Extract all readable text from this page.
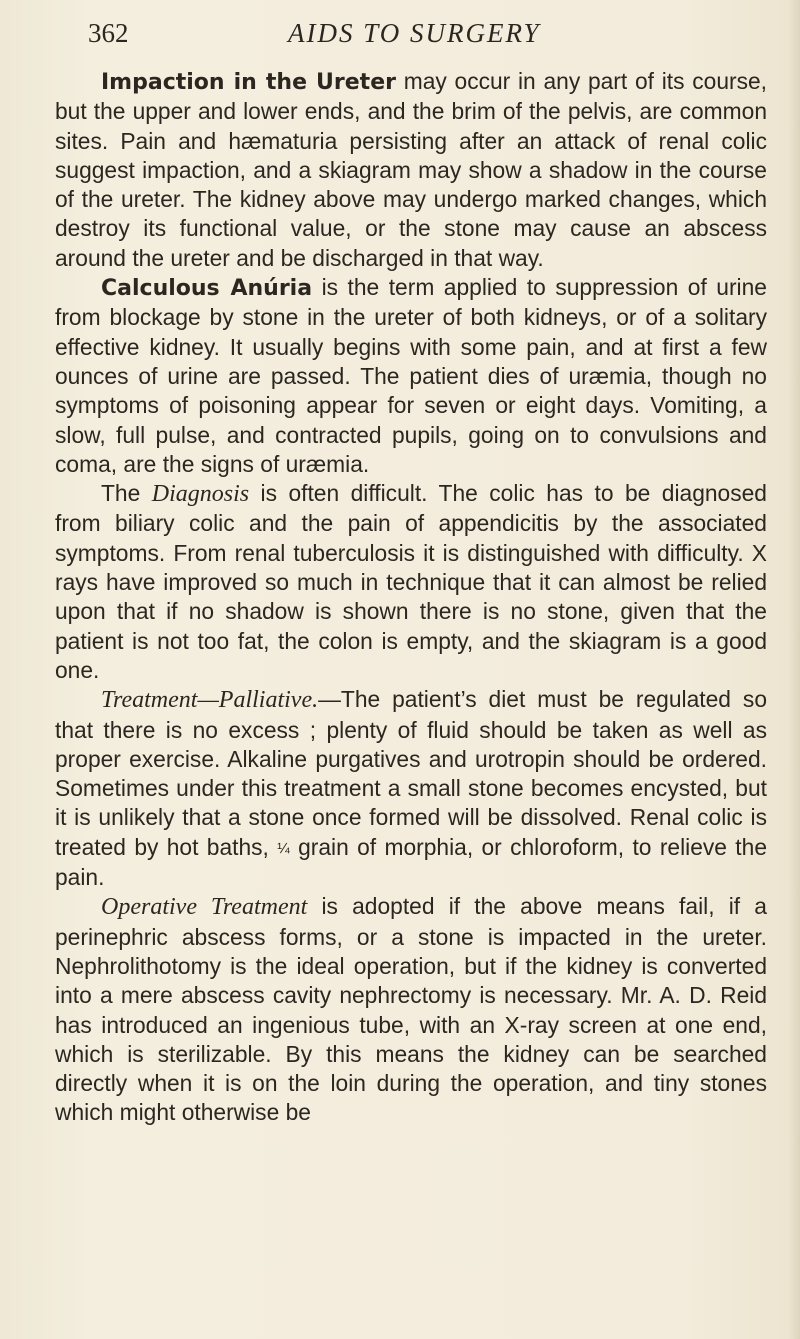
362	AIDS TO SURGERY

Impaction in the Ureter may occur in any part of its course, but the upper and lower ends, and the brim of the pelvis, are common sites. Pain and hæmaturia persisting after an attack of renal colic suggest impaction, and a skiagram may show a shadow in the course of the ureter. The kidney above may undergo marked changes, which destroy its functional value, or the stone may cause an abscess around the ureter and be discharged in that way.

Calculous Anúria is the term applied to suppression of urine from blockage by stone in the ureter of both kidneys, or of a solitary effective kidney. It usually begins with some pain, and at first a few ounces of urine are passed. The patient dies of uræmia, though no symptoms of poisoning appear for seven or eight days. Vomiting, a slow, full pulse, and contracted pupils, going on to convulsions and coma, are the signs of uræmia.

The Diagnosis is often difficult. The colic has to be diagnosed from biliary colic and the pain of appendicitis by the associated symptoms. From renal tuberculosis it is distinguished with difficulty. X rays have improved so much in technique that it can almost be relied upon that if no shadow is shown there is no stone, given that the patient is not too fat, the colon is empty, and the skiagram is a good one.

Treatment—Palliative.—The patient’s diet must be regulated so that there is no excess ; plenty of fluid should be taken as well as proper exercise. Alkaline purgatives and urotropin should be ordered. Sometimes under this treatment a small stone becomes encysted, but it is unlikely that a stone once formed will be dissolved. Renal colic is treated by hot baths, ¼ grain of morphia, or chloroform, to relieve the pain.

Operative Treatment is adopted if the above means fail, if a perinephric abscess forms, or a stone is impacted in the ureter. Nephrolithotomy is the ideal operation, but if the kidney is converted into a mere abscess cavity nephrectomy is necessary. Mr. A. D. Reid has introduced an ingenious tube, with an X-ray screen at one end, which is sterilizable. By this means the kidney can be searched directly when it is on the loin during the operation, and tiny stones which might otherwise be
